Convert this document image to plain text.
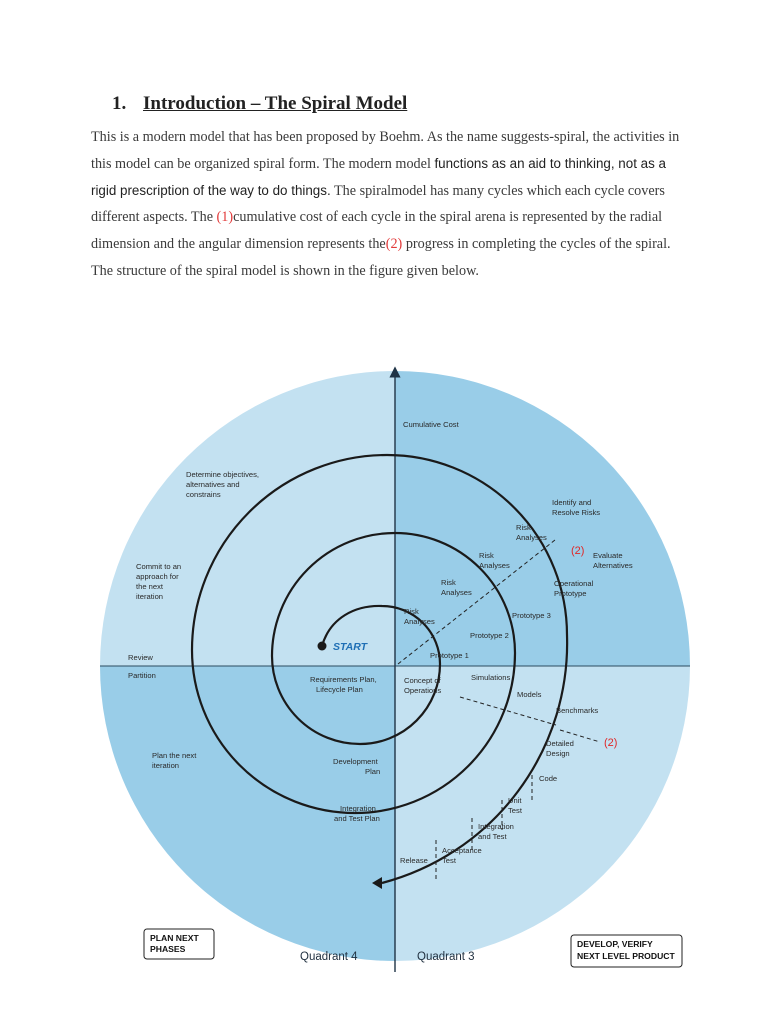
1. Introduction – The Spiral Model
This is a modern model that has been proposed by Boehm. As the name suggests-spiral, the activities in this model can be organized spiral form. The modern model functions as an aid to thinking, not as a rigid prescription of the way to do things. The spiralmodel has many cycles which each cycle covers different aspects. The (1)cumulative cost of each cycle in the spiral arena is represented by the radial dimension and the angular dimension represents the(2) progress in completing the cycles of the spiral. The structure of the spiral model is shown in the figure given below.
Cumulative Cost
START
Determine objectives,
alternatives and
constrains
Commit to an
approach for
the next
iteration
Review
Partition
Plan the next
iteration
Identify and
Resolve Risks
(2) Evaluate
Alternatives
Operational
Prototype
Risk
Analyses
Risk
Analyses
Risk
Analyses
Risk
Analyses
Prototype 3
Prototype 2
Prototype 1
Simulations
Models
Benchmarks
(2)
Concept of
Operations
Detailed
Design
Code
Unit
Test
Integration
and Test
Acceptance
Test
Release
Requirements Plan,
Lifecycle Plan
Development
Plan
Integration
and Test Plan
Quadrant 4	Quadrant 3
PLAN NEXT
PHASES	DEVELOP, VERIFY
NEXT LEVEL PRODUCT
